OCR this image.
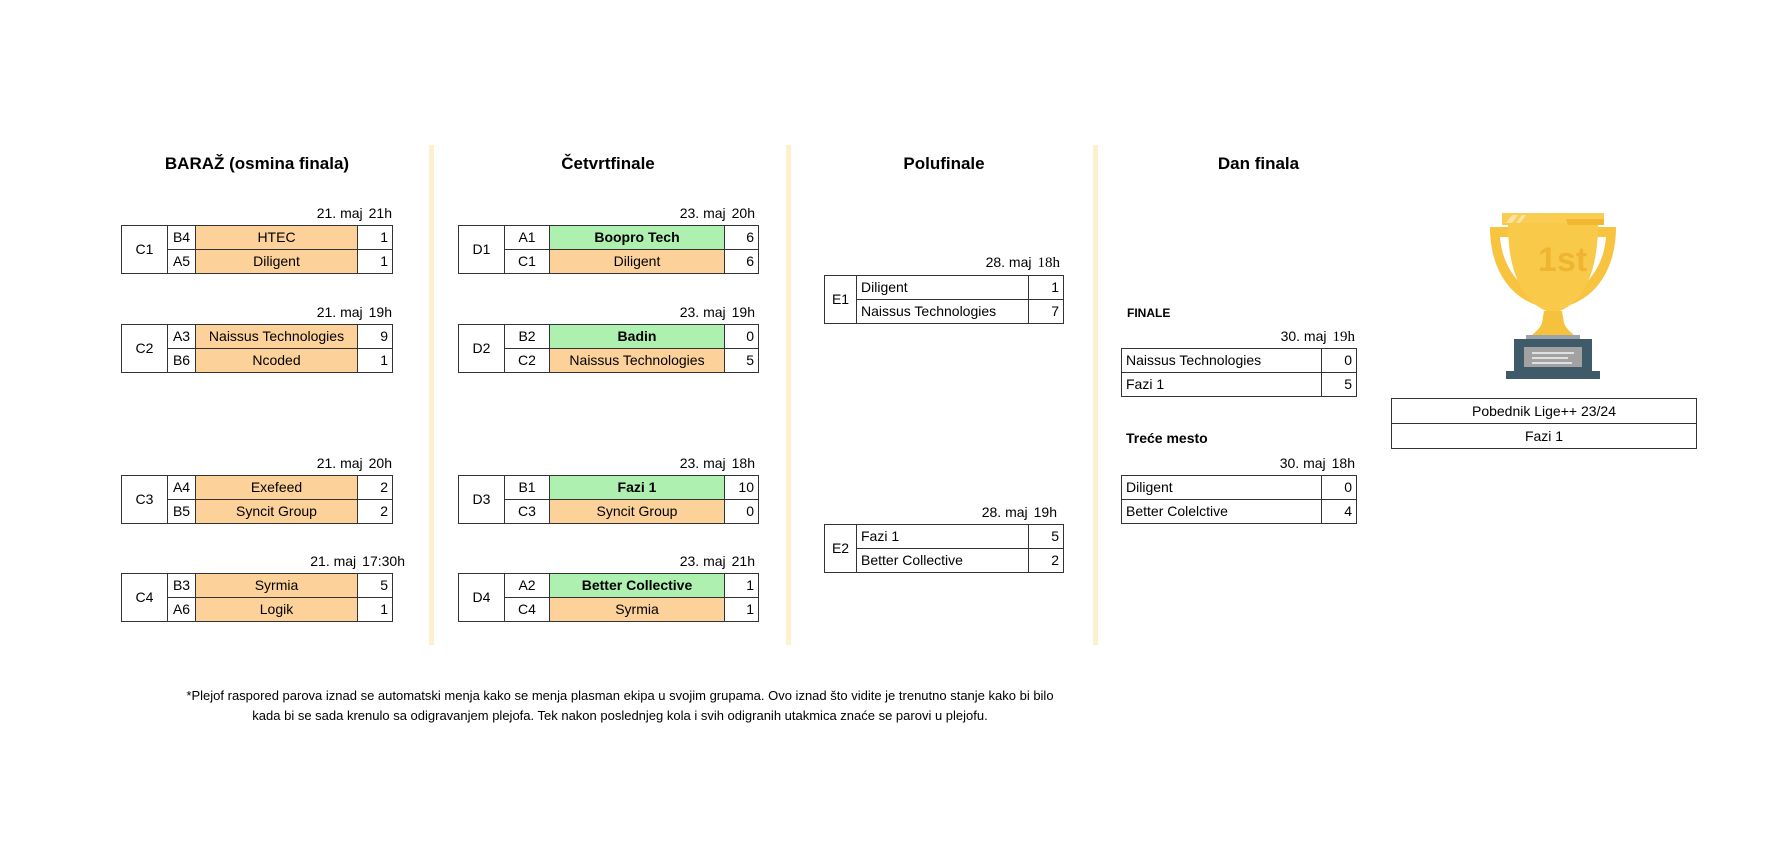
BARAŽ (osmina finala)	Četvrtfinale	Polufinale	Dan finala
21. maj 21h
C1	B4	HTEC	1
	A5	Diligent	1
21. maj 19h
C2	A3	Naissus Technologies	9
	B6	Ncoded	1
21. maj 20h
C3	A4	Exefeed	2
	B5	Syncit Group	2
21. maj 17:30h
C4	B3	Syrmia	5
	A6	Logik	1
23. maj 20h
D1	A1	Boopro Tech	6
	C1	Diligent	6
23. maj 19h
D2	B2	Badin	0
	C2	Naissus Technologies	5
23. maj 18h
D3	B1	Fazi 1	10
	C3	Syncit Group	0
23. maj 21h
D4	A2	Better Collective	1
	C4	Syrmia	1
28. maj 18h
E1	Diligent	1
	Naissus Technologies	7
28. maj 19h
E2	Fazi 1	5
	Better Collective	2
FINALE
30. maj 19h
Naissus Technologies	0
Fazi 1	5
Treće mesto
30. maj 18h
Diligent	0
Better Colelctive	4
1st
Pobednik Lige++ 23/24
Fazi 1
*Plejof raspored parova iznad se automatski menja kako se menja plasman ekipa u svojim grupama. Ovo iznad što vidite je trenutno stanje kako bi bilo
kada bi se sada krenulo sa odigravanjem plejofa. Tek nakon poslednjeg kola i svih odigranih utakmica znaće se parovi u plejofu.
